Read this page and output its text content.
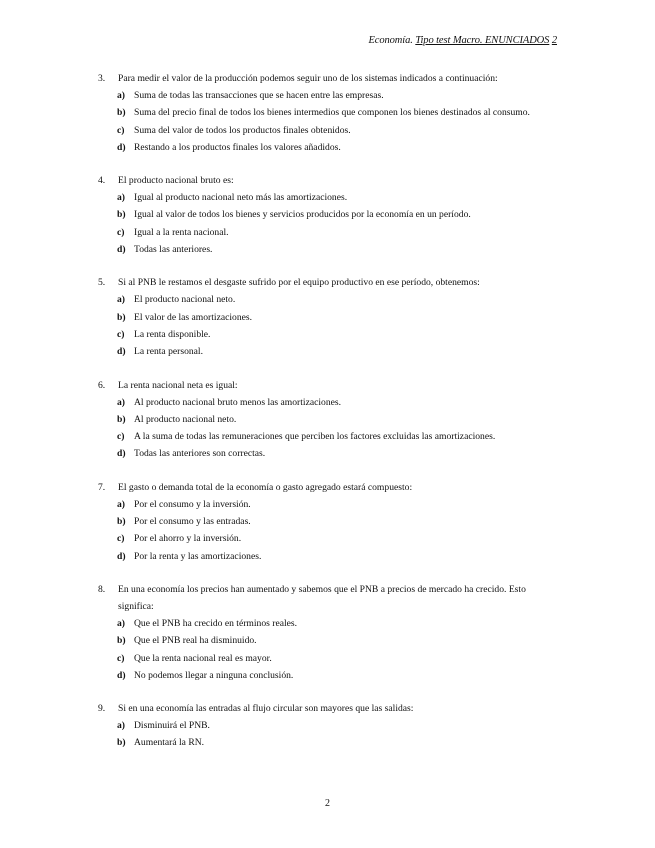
Economía. Tipo test Macro. ENUNCIADOS 2
3.	Para medir el valor de la producción podemos seguir uno de los sistemas indicados a continuación:
a) Suma de todas las transacciones que se hacen entre las empresas.
b) Suma del precio final de todos los bienes intermedios que componen los bienes destinados al consumo.
c) Suma del valor de todos los productos finales obtenidos.
d) Restando a los productos finales los valores añadidos.
4.	El producto nacional bruto es:
a) Igual al producto nacional neto más las amortizaciones.
b) Igual al valor de todos los bienes y servicios producidos por la economía en un período.
c) Igual a la renta nacional.
d) Todas las anteriores.
5.	Si al PNB le restamos el desgaste sufrido por el equipo productivo en ese período, obtenemos:
a) El producto nacional neto.
b) El valor de las amortizaciones.
c) La renta disponible.
d) La renta personal.
6.	La renta nacional neta es igual:
a) Al producto nacional bruto menos las amortizaciones.
b) Al producto nacional neto.
c) A la suma de todas las remuneraciones que perciben los factores excluidas las amortizaciones.
d) Todas las anteriores son correctas.
7.	El gasto o demanda total de la economía o gasto agregado estará compuesto:
a) Por el consumo y la inversión.
b) Por el consumo y las entradas.
c) Por el ahorro y la inversión.
d) Por la renta y las amortizaciones.
8.	En una economía los precios han aumentado y sabemos que el PNB a precios de mercado ha crecido. Esto significa:
a) Que el PNB ha crecido en términos reales.
b) Que el PNB real ha disminuido.
c) Que la renta nacional real es mayor.
d) No podemos llegar a ninguna conclusión.
9.	Si en una economía las entradas al flujo circular son mayores que las salidas:
a) Disminuirá el PNB.
b) Aumentará la RN.
2
